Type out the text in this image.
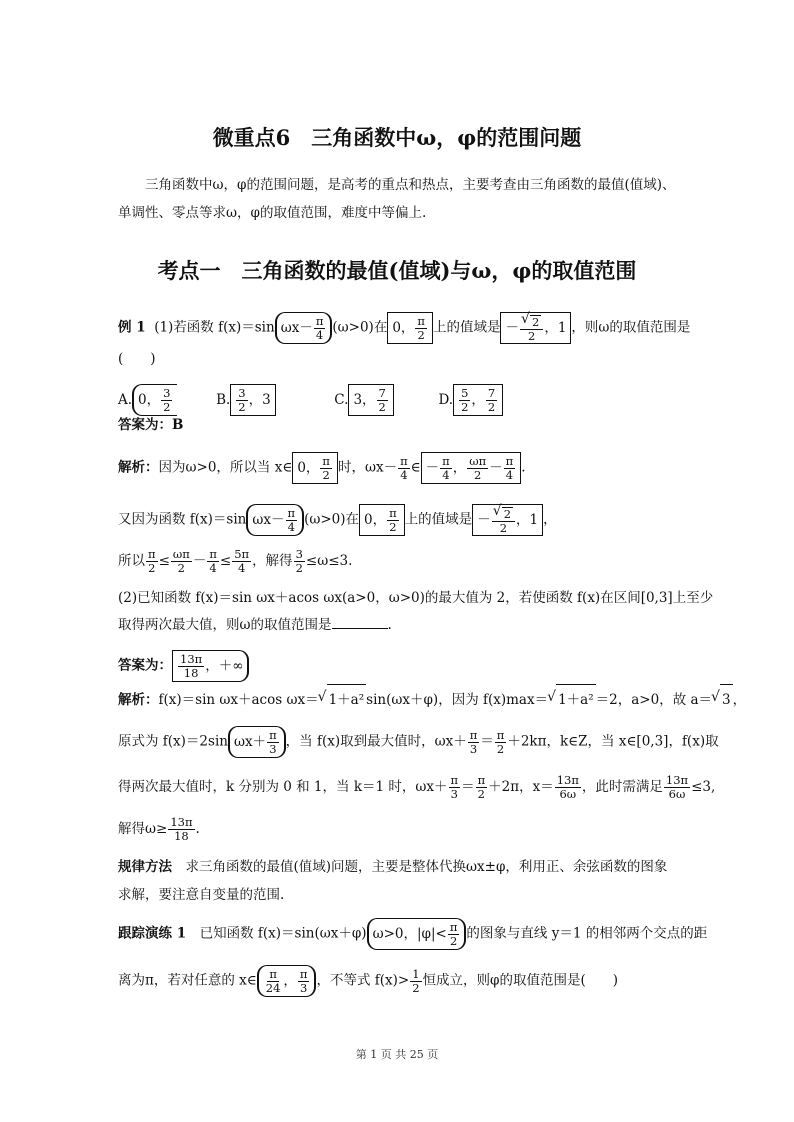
微重点6　三角函数中ω，φ的范围问题
三角函数中ω，φ的范围问题，是高考的重点和热点，主要考查由三角函数的最值(值域)、
单调性、零点等求ω，φ的取值范围，难度中等偏上.
考点一　三角函数的最值(值域)与ω，φ的取值范围
例 1 (1)若函数 f(x)＝sin $\omega x- \frac{\pi}{4} (\omega>0)$在 0， $\frac{\pi}{2}$ 上的值域是 － √ $\frac{2}{2}$ ，1 ，则ω的取值范围是
(　　)
A. 0， $\frac{3}{2}$	B. $\frac{3}{2}$ ，3	C. 3， $\frac{7}{2}$	D. $\frac{5}{2}$ ， $\frac{7}{2}$
答案为：B
解析：因为ω>0，所以当 x∈ 0， $\frac{\pi}{2}$ 时，$\omega x- \frac{\pi}{4}$ ∈ － $\frac{\pi}{4}$ ， $\frac{\omega\pi}{2} - \frac{\pi}{4}$ .
又因为函数 f(x)＝sin $\omega x- \frac{\pi}{4} (\omega>0)$在 0， $\frac{\pi}{2}$ 上的值域是 － √ $\frac{2}{2}$ ，1 ，
所以 $\frac{\pi}{2} \le \frac{\omega\pi}{2} - \frac{\pi}{4} \le \frac{5\pi}{4}$ ，解得 $\frac{3}{2} \le\omega\le 3$.
(2)已知函数 f(x)＝sin ωx＋acos ωx(a>0，ω>0)的最大值为 2，若使函数 f(x)在区间[0,3]上至少
取得两次最大值，则ω的取值范围是	.
答案为： $\frac{13\pi}{18}$ ，＋∞
解析：f(x)＝sin ωx＋acos ωx＝ √ 1＋a² sin(ωx＋φ)，因为 f(x)max＝ √ 1＋a² ＝2，a>0，故 a＝ √ 3 ，
原式为 f(x)＝2sin $\omega x+ \frac{\pi}{3}$ ，当 f(x)取到最大值时，$\omega x+ \frac{\pi}{3} = \frac{\pi}{2} +2k\pi$，k∈Z，当 x∈[0,3]，f(x)取
得两次最大值时，k 分别为 0 和 1，当 k＝1 时，$\omega x+ \frac{\pi}{3} = \frac{\pi}{2} +2\pi$，$x= \frac{13\pi}{6\omega}$ ，此时需满足 $\frac{13\pi}{6\omega} \le 3$,
解得$\omega\ge \frac{13\pi}{18}$ .
规律方法　求三角函数的最值(值域)问题，主要是整体代换ωx±φ，利用正、余弦函数的图象
求解，要注意自变量的范围.
跟踪演练 1　已知函数 f(x)＝sin(ωx＋φ) ω>0，$|\varphi|< \frac{\pi}{2}$ 的图象与直线 y＝1 的相邻两个交点的距
离为π，若对任意的 x∈ $\frac{\pi}{24}$ ， $\frac{\pi}{3}$ ，不等式 $f(x)> \frac{1}{2}$ 恒成立，则φ的取值范围是(　　)
第 1 页 共 25 页
